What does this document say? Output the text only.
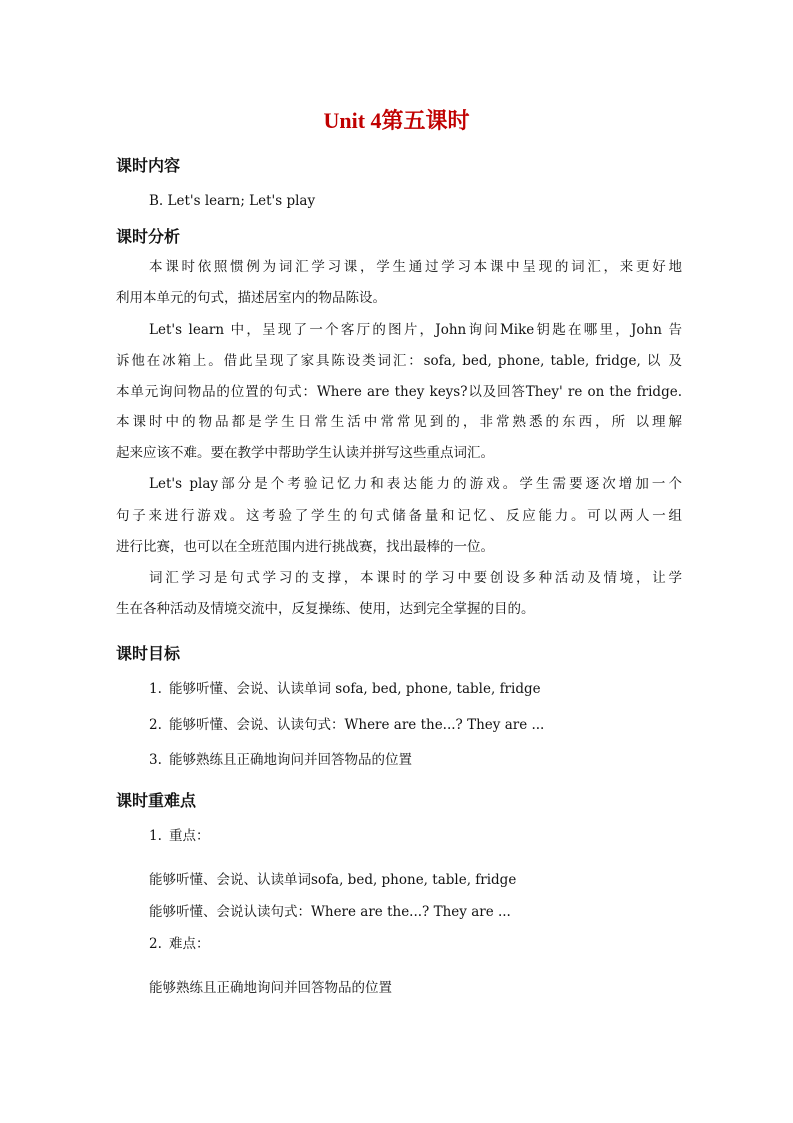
Unit 4第五课时
课时内容
B. Let's learn; Let's play
课时分析
本课时依照惯例为词汇学习课，学生通过学习本课中呈现的词汇，来更好地
利用本单元的句式，描述居室内的物品陈设。
Let's learn 中，呈现了一个客厅的图片，John询问Mike钥匙在哪里，John 告
诉他在冰箱上。借此呈现了家具陈设类词汇：sofa, bed, phone, table, fridge, 以 及
本单元询问物品的位置的句式：Where are they keys?以及回答They' re on the fridge.
本课时中的物品都是学生日常生活中常常见到的，非常熟悉的东西，所 以理解
起来应该不难。要在教学中帮助学生认读并拼写这些重点词汇。
Let's play部分是个考验记忆力和表达能力的游戏。学生需要逐次增加一个
句子来进行游戏。这考验了学生的句式储备量和记忆、反应能力。可以两人一组
进行比赛，也可以在全班范围内进行挑战赛，找出最棒的一位。
词汇学习是句式学习的支撑，本课时的学习中要创设多种活动及情境，让学
生在各种活动及情境交流中，反复操练、使用，达到完全掌握的目的。
课时目标
1. 能够听懂、会说、认读单词 sofa, bed, phone, table, fridge
2. 能够听懂、会说、认读句式：Where are the...? They are ...
3. 能够熟练且正确地询问并回答物品的位置
课时重难点
1. 重点：
能够听懂、会说、认读单词sofa, bed, phone, table, fridge
能够听懂、会说认读句式：Where are the...? They are ...
2. 难点：
能够熟练且正确地询问并回答物品的位置
